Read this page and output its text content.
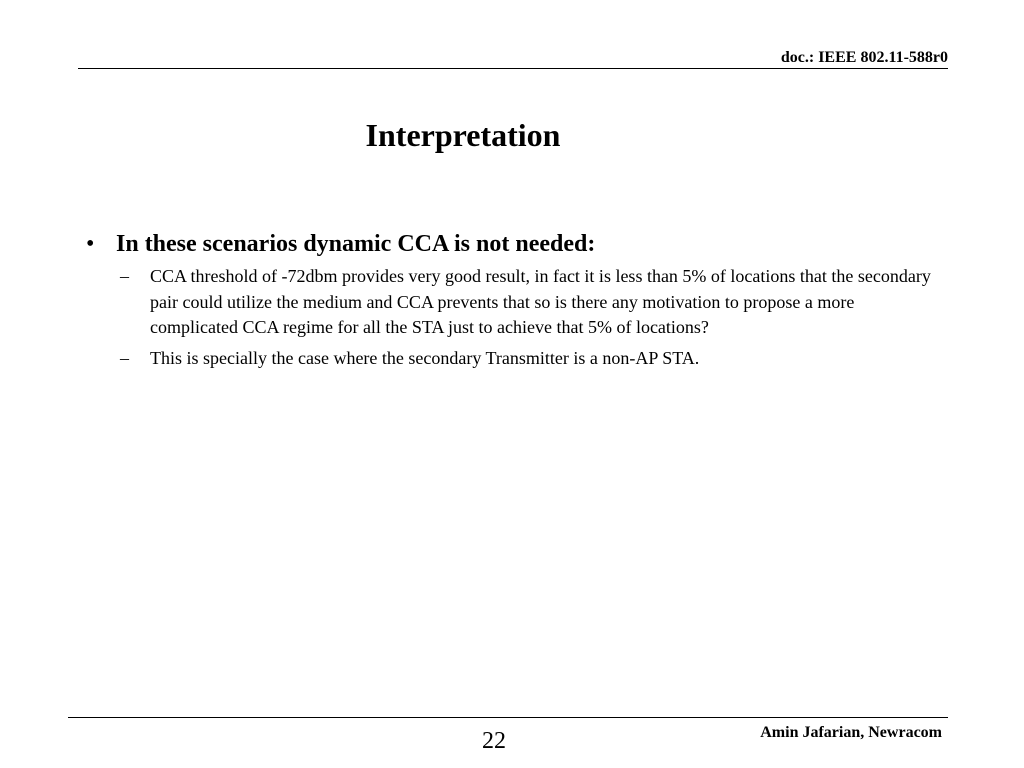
doc.: IEEE 802.11-588r0
Interpretation
• In these scenarios dynamic CCA is not needed:
–	CCA threshold of -72dbm provides very good result, in fact it is less than 5% of locations that the secondary pair could utilize the medium and CCA prevents that so is there any motivation to propose a more complicated CCA regime for all the STA just to achieve that 5% of locations?
–	This is specially the case where the secondary Transmitter is a non-AP STA.
22	Amin Jafarian, Newracom
